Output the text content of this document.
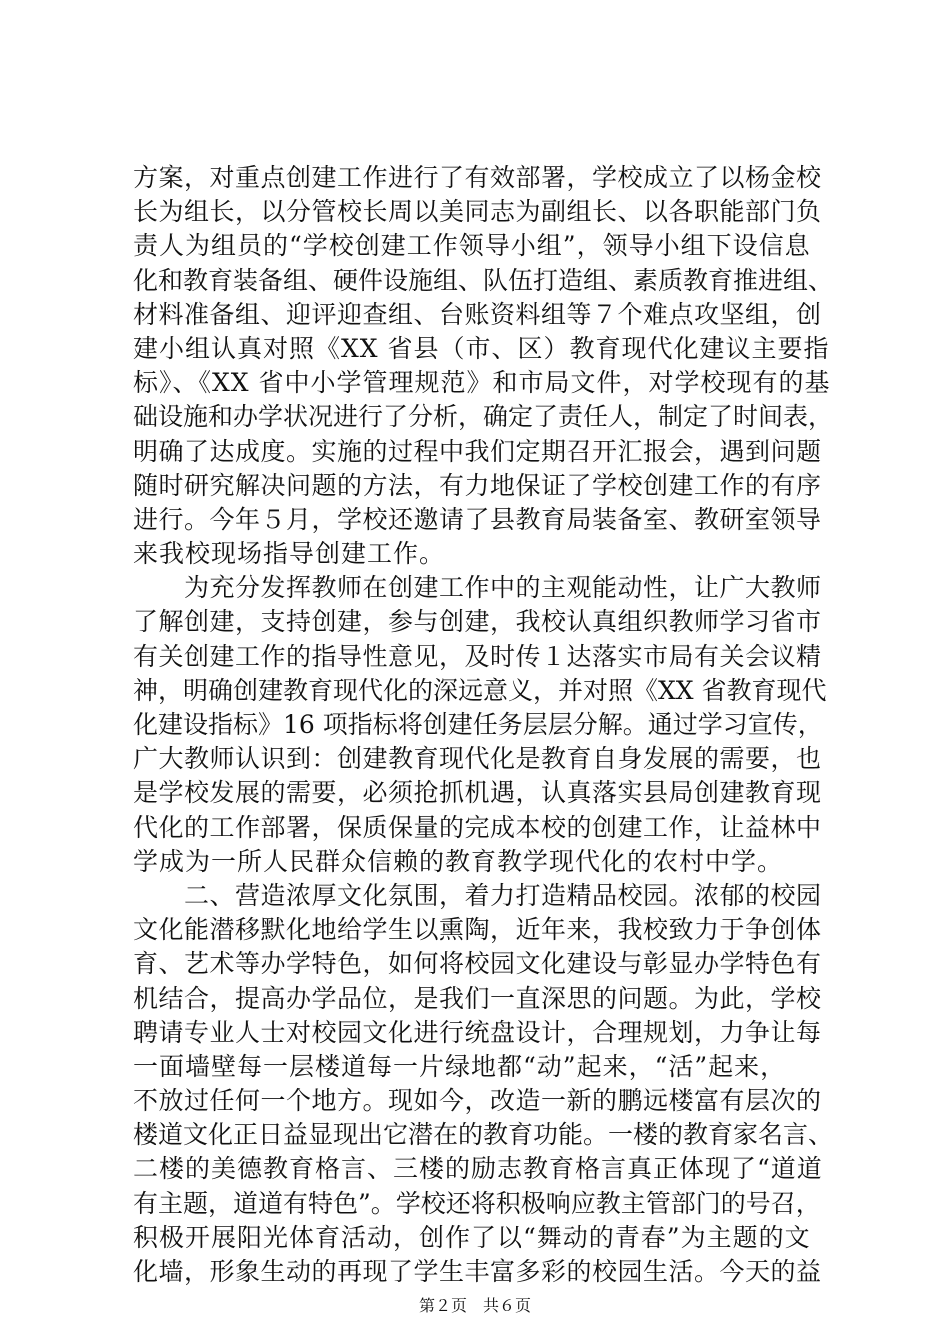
方案，对重点创建工作进行了有效部署，学校成立了以杨金校
长为组长，以分管校长周以美同志为副组长、以各职能部门负
责人为组员的“学校创建工作领导小组”，领导小组下设信息
化和教育装备组、硬件设施组、队伍打造组、素质教育推进组、
材料准备组、迎评迎查组、台账资料组等７个难点攻坚组，创
建小组认真对照《XX 省县（市、区）教育现代化建议主要指
标》、《XX 省中小学管理规范》和市局文件，对学校现有的基
础设施和办学状况进行了分析，确定了责任人，制定了时间表，
明确了达成度。实施的过程中我们定期召开汇报会，遇到问题
随时研究解决问题的方法，有力地保证了学校创建工作的有序
进行。今年５月，学校还邀请了县教育局装备室、教研室领导
来我校现场指导创建工作。
　　为充分发挥教师在创建工作中的主观能动性，让广大教师
了解创建，支持创建，参与创建，我校认真组织教师学习省市
有关创建工作的指导性意见，及时传１达落实市局有关会议精
神，明确创建教育现代化的深远意义，并对照《XX 省教育现代
化建设指标》16 项指标将创建任务层层分解。通过学习宣传，
广大教师认识到：创建教育现代化是教育自身发展的需要，也
是学校发展的需要，必须抢抓机遇，认真落实县局创建教育现
代化的工作部署，保质保量的完成本校的创建工作，让益林中
学成为一所人民群众信赖的教育教学现代化的农村中学。
　　二、营造浓厚文化氛围，着力打造精品校园。浓郁的校园
文化能潜移默化地给学生以熏陶，近年来，我校致力于争创体
育、艺术等办学特色，如何将校园文化建设与彰显办学特色有
机结合，提高办学品位，是我们一直深思的问题。为此，学校
聘请专业人士对校园文化进行统盘设计，合理规划，力争让每
一面墙壁每一层楼道每一片绿地都“动”起来，“活”起来，
不放过任何一个地方。现如今，改造一新的鹏远楼富有层次的
楼道文化正日益显现出它潜在的教育功能。一楼的教育家名言、
二楼的美德教育格言、三楼的励志教育格言真正体现了“道道
有主题，道道有特色”。学校还将积极响应教主管部门的号召，
积极开展阳光体育活动，创作了以“舞动的青春”为主题的文
化墙，形象生动的再现了学生丰富多彩的校园生活。今天的益
第２页　共６页
